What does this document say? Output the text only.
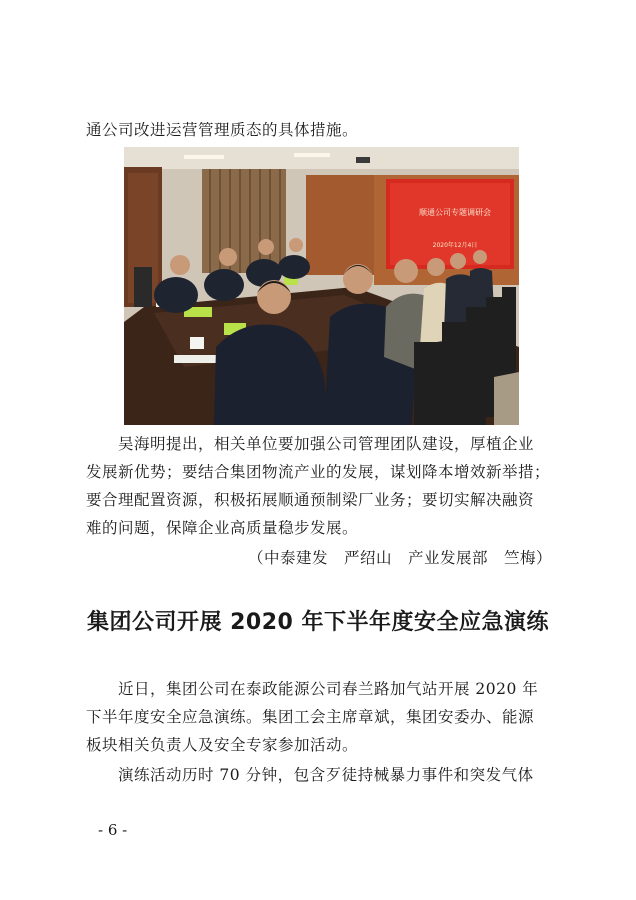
通公司改进运营管理质态的具体措施。
顺通公司专题调研会
2020年12月4日
吴海明提出，相关单位要加强公司管理团队建设，厚植企业
发展新优势；要结合集团物流产业的发展，谋划降本增效新举措；
要合理配置资源，积极拓展顺通预制梁厂业务；要切实解决融资
难的问题，保障企业高质量稳步发展。
（中泰建发　严绍山　产业发展部　竺梅）
集团公司开展 2020 年下半年度安全应急演练
近日，集团公司在泰政能源公司春兰路加气站开展 2020 年
下半年度安全应急演练。集团工会主席章斌，集团安委办、能源
板块相关负责人及安全专家参加活动。
演练活动历时 70 分钟，包含歹徒持械暴力事件和突发气体
- 6 -
